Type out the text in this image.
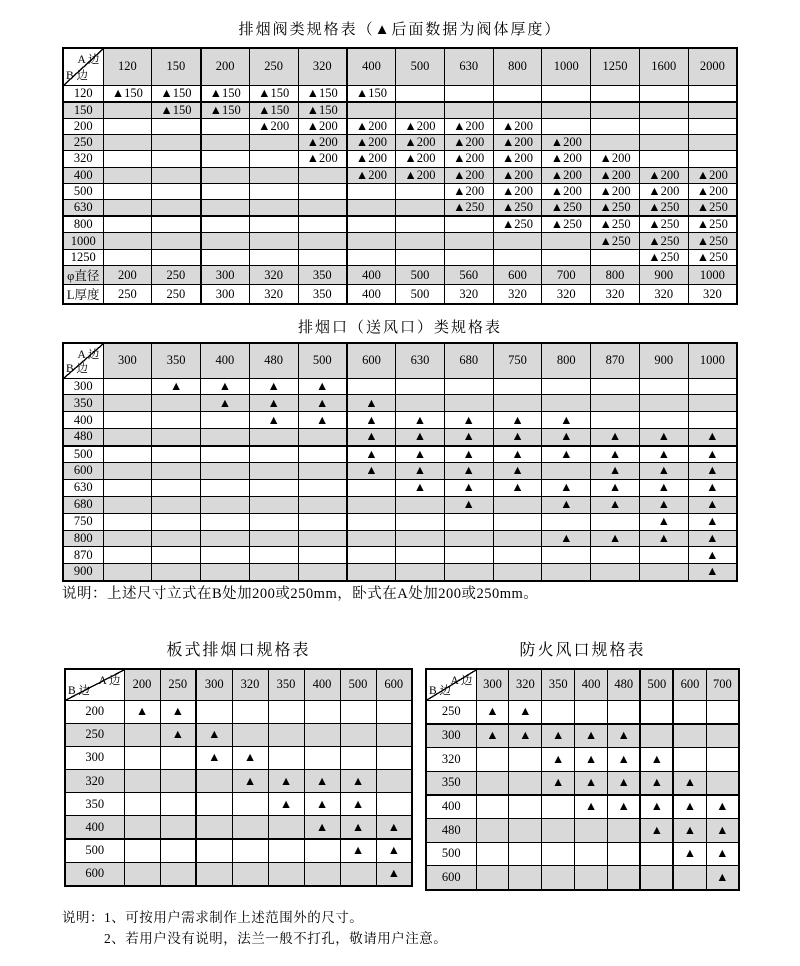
排烟阀类规格表（▲后面数据为阀体厚度）
A 边
B 边	120	150	200	250	320	400	500	630	800	1000	1250	1600	2000
120	▲150	▲150	▲150	▲150	▲150	▲150							
150		▲150	▲150	▲150	▲150								
200				▲200	▲200	▲200	▲200	▲200	▲200				
250					▲200	▲200	▲200	▲200	▲200	▲200			
320					▲200	▲200	▲200	▲200	▲200	▲200	▲200		
400						▲200	▲200	▲200	▲200	▲200	▲200	▲200	▲200
500								▲200	▲200	▲200	▲200	▲200	▲200
630								▲250	▲250	▲250	▲250	▲250	▲250
800									▲250	▲250	▲250	▲250	▲250
1000											▲250	▲250	▲250
1250												▲250	▲250
φ直径	200	250	300	320	350	400	500	560	600	700	800	900	1000
L厚度	250	250	300	320	350	400	500	320	320	320	320	320	320
排烟口（送风口）类规格表
A 边
B 边	300	350	400	480	500	600	630	680	750	800	870	900	1000
300		▲	▲	▲	▲								
350			▲	▲	▲	▲							
400				▲	▲	▲	▲	▲	▲	▲			
480						▲	▲	▲	▲	▲	▲	▲	▲
500						▲	▲	▲	▲	▲	▲	▲	▲
600						▲	▲	▲	▲		▲	▲	▲
630							▲	▲	▲	▲	▲	▲	▲
680								▲		▲	▲	▲	▲
750												▲	▲
800										▲	▲	▲	▲
870													▲
900													▲
说明：上述尺寸立式在B处加200或250mm，卧式在A处加200或250mm。
板式排烟口规格表
A 边
B 边	200	250	300	320	350	400	500	600
200	▲	▲						
250		▲	▲					
300			▲	▲				
320				▲	▲	▲	▲	
350					▲	▲	▲	
400						▲	▲	▲
500							▲	▲
600								▲
防火风口规格表
A 边
B 边	300	320	350	400	480	500	600	700
250	▲	▲						
300	▲	▲	▲	▲	▲			
320			▲	▲	▲	▲		
350			▲	▲	▲	▲	▲	
400				▲	▲	▲	▲	▲
480						▲	▲	▲
500							▲	▲
600								▲
说明：1、可按用户需求制作上述范围外的尺寸。
2、若用户没有说明，法兰一般不打孔，敬请用户注意。
